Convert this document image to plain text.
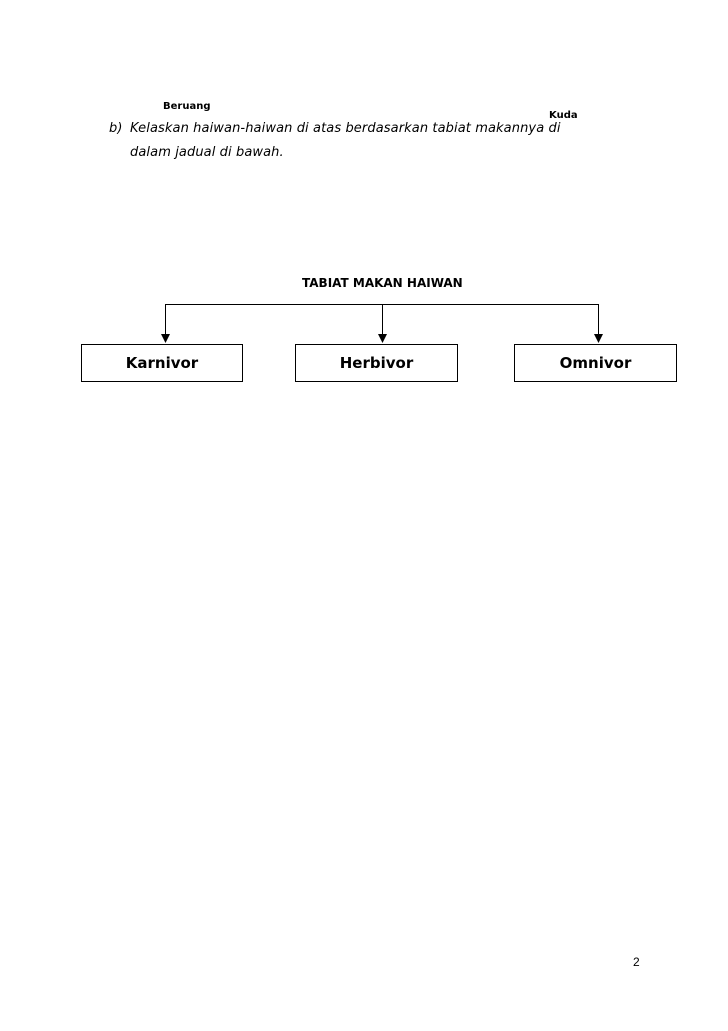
Beruang
Kuda
b) Kelaskan haiwan-haiwan di atas berdasarkan tabiat makannya di
dalam jadual di bawah.
TABIAT MAKAN HAIWAN
Karnivor	Herbivor	Omnivor
2
